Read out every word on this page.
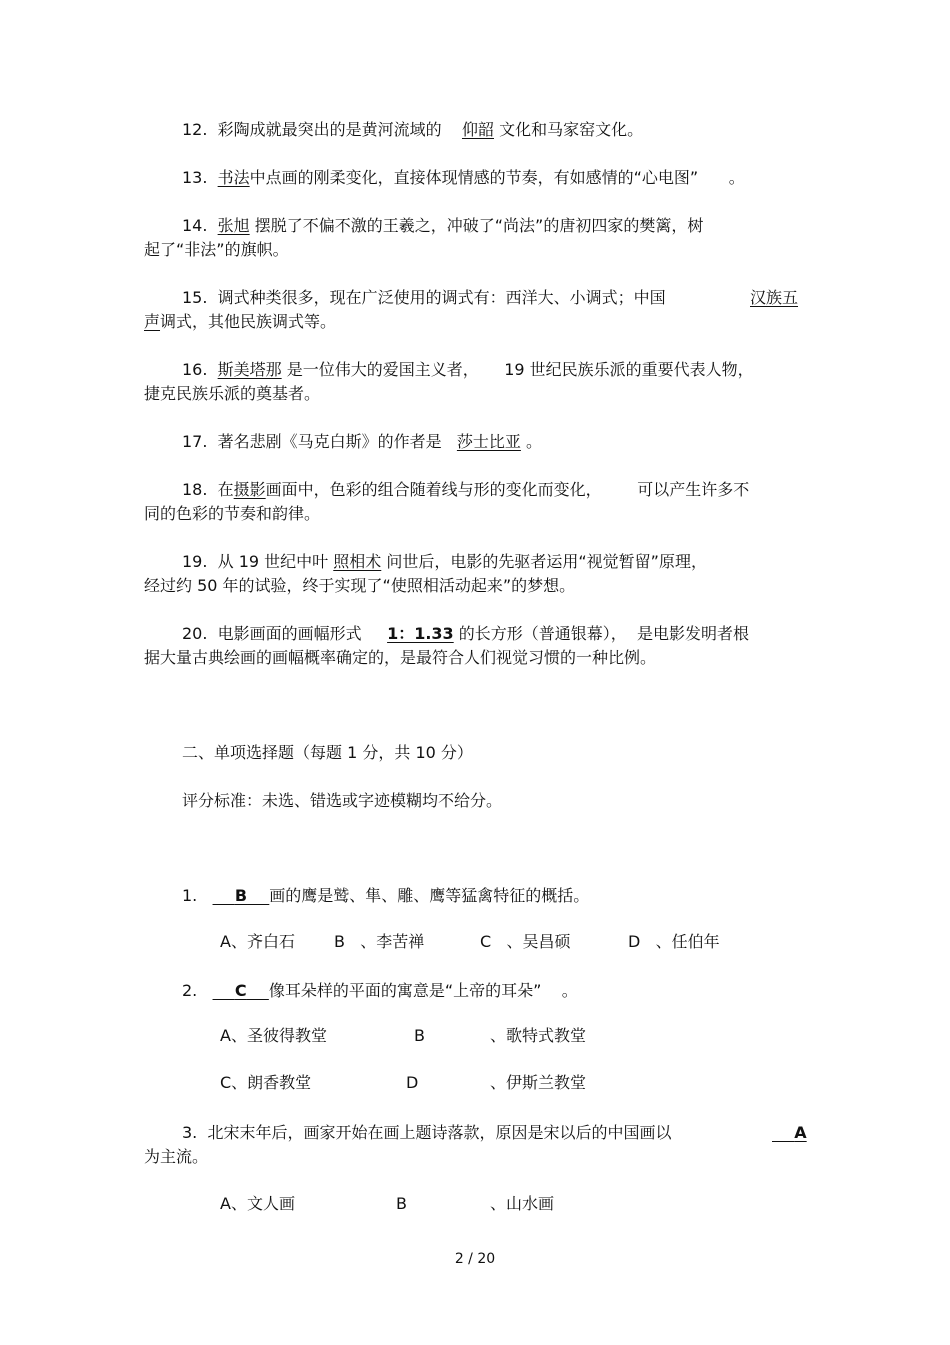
12. 彩陶成就最突出的是黄河流域的 仰韶 文化和马家窑文化。
13. 书法中点画的刚柔变化，直接体现情感的节奏，有如感情的“心电图” 。
14. 张旭 摆脱了不偏不激的王羲之，冲破了“尚法”的唐初四家的樊篱，树
起了“非法”的旗帜。
15. 调式种类很多，现在广泛使用的调式有：西洋大、小调式；中国	汉族五
声调式，其他民族调式等。
16. 斯美塔那 是一位伟大的爱国主义者， 19 世纪民族乐派的重要代表人物，
捷克民族乐派的奠基者。
17. 著名悲剧《马克白斯》的作者是 莎士比亚 。
18. 在摄影画面中，色彩的组合随着线与形的变化而变化， 可以产生许多不
同的色彩的节奏和韵律。
19. 从 19 世纪中叶 照相术 问世后，电影的先驱者运用“视觉暂留”原理，
经过约 50 年的试验，终于实现了“使照相活动起来”的梦想。
20. 电影画面的画幅形式 1：1.33 的长方形（普通银幕）， 是电影发明者根
据大量古典绘画的画幅概率确定的，是最符合人们视觉习惯的一种比例。
二、单项选择题（每题 1 分，共 10 分）
评分标准：未选、错选或字迹模糊均不给分。
1. B 画的鹰是鹫、隼、雕、鹰等猛禽特征的概括。
A、齐白石 B 、李苦禅	C 、吴昌硕	D 、任伯年
2. C 像耳朵样的平面的寓意是“上帝的耳朵” 。
A、圣彼得教堂	B	、歌特式教堂
C、朗香教堂	D	、伊斯兰教堂
3. 北宋末年后，画家开始在画上题诗落款，原因是宋以后的中国画以	A
为主流。
A、文人画	B	、山水画
2 / 20
